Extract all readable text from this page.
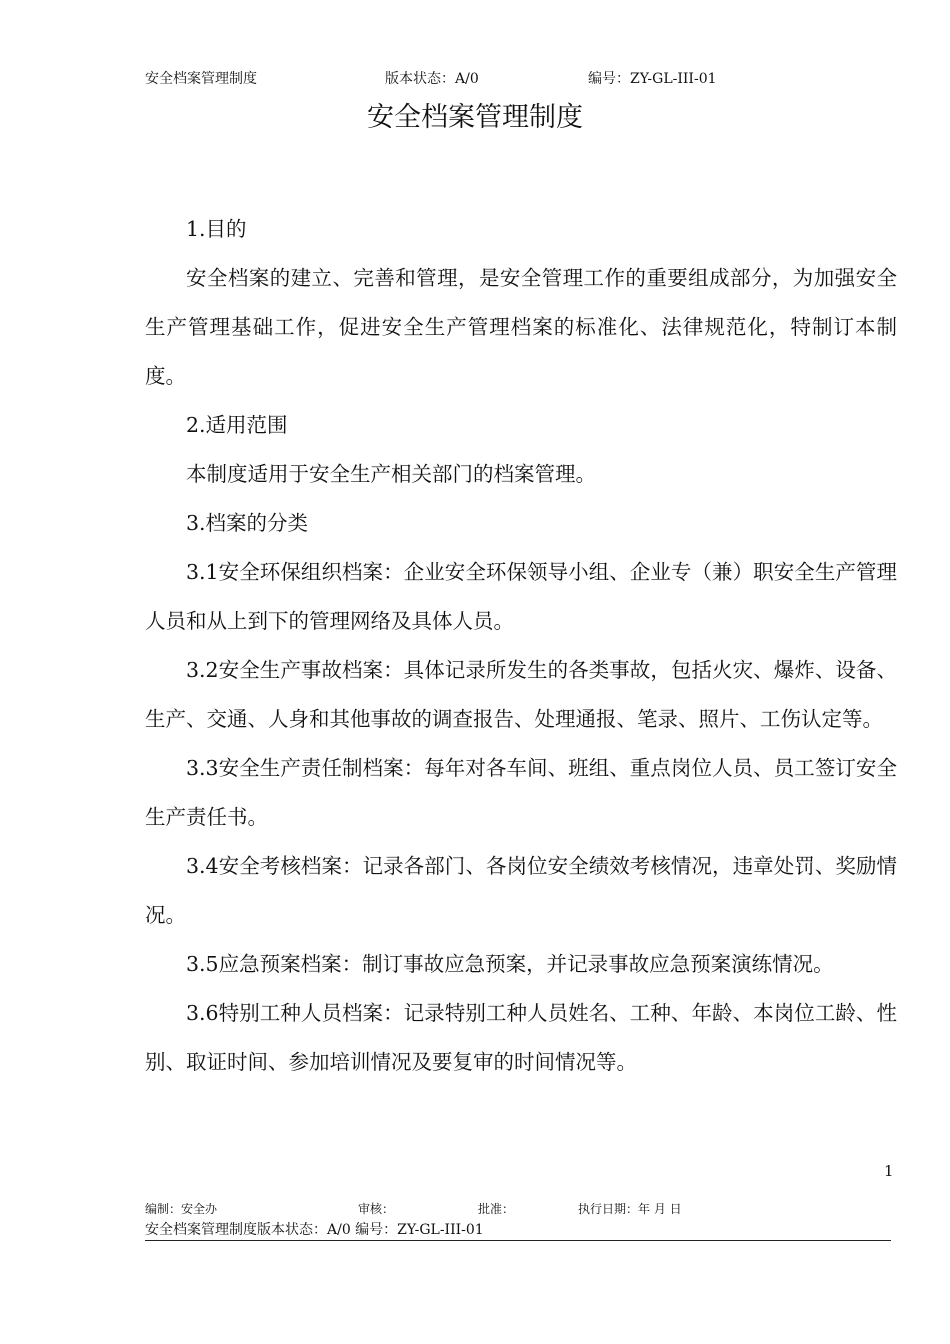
安全档案管理制度	版本状态：A/0	编号：ZY-GL-III-01
安全档案管理制度

1.目的

安全档案的建立、完善和管理，是安全管理工作的重要组成部分，为加强安全生产管理基础工作，促进安全生产管理档案的标准化、法律规范化，特制订本制度。

2.适用范围

本制度适用于安全生产相关部门的档案管理。

3.档案的分类

3.1安全环保组织档案：企业安全环保领导小组、企业专（兼）职安全生产管理人员和从上到下的管理网络及具体人员。

3.2安全生产事故档案：具体记录所发生的各类事故，包括火灾、爆炸、设备、生产、交通、人身和其他事故的调查报告、处理通报、笔录、照片、工伤认定等。

3.3安全生产责任制档案：每年对各车间、班组、重点岗位人员、员工签订安全生产责任书。

3.4安全考核档案：记录各部门、各岗位安全绩效考核情况，违章处罚、奖励情况。

3.5应急预案档案：制订事故应急预案，并记录事故应急预案演练情况。

3.6特别工种人员档案：记录特别工种人员姓名、工种、年龄、本岗位工龄、性别、取证时间、参加培训情况及要复审的时间情况等。

1
编制：安全办	审核：	批准：	执行日期：年 月 日
安全档案管理制度版本状态：A/0 编号：ZY-GL-III-01
